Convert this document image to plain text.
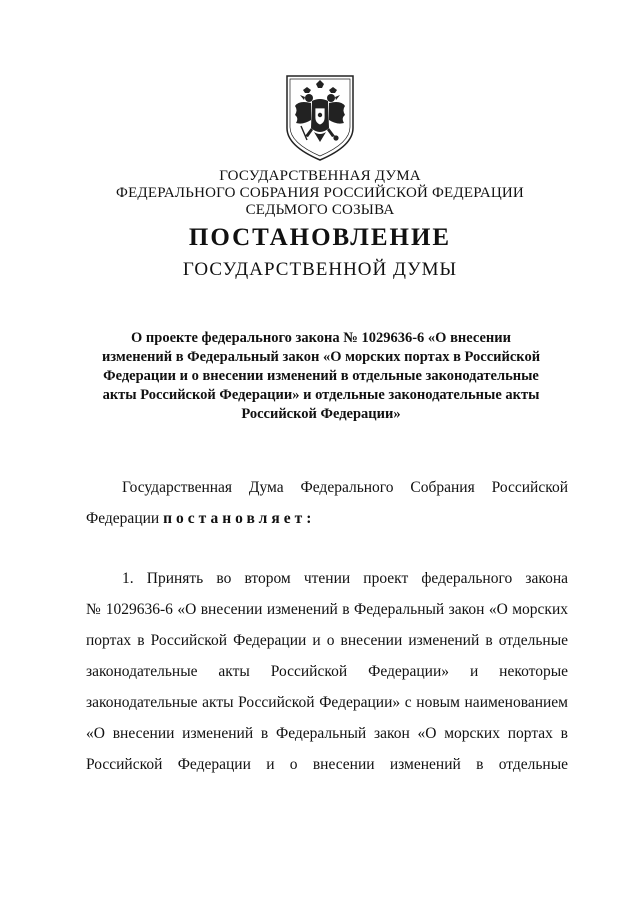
ГОСУДАРСТВЕННАЯ ДУМА
ФЕДЕРАЛЬНОГО СОБРАНИЯ РОССИЙСКОЙ ФЕДЕРАЦИИ
СЕДЬМОГО СОЗЫВА
ПОСТАНОВЛЕНИЕ
ГОСУДАРСТВЕННОЙ ДУМЫ
О проекте федерального закона № 1029636-6 «О внесении
изменений в Федеральный закон «О морских портах в Российской
Федерации и о внесении изменений в отдельные законодательные
акты Российской Федерации» и отдельные законодательные акты
Российской Федерации»
Государственная Дума Федерального Собрания Российской
Федерации постановляет:
1. Принять во втором чтении проект федерального закона
№ 1029636-6 «О внесении изменений в Федеральный закон «О морских
портах в Российской Федерации и о внесении изменений в отдельные
законодательные акты Российской Федерации» и некоторые
законодательные акты Российской Федерации» с новым наименованием
«О внесении изменений в Федеральный закон «О морских портах в
Российской Федерации и о внесении изменений в отдельные
